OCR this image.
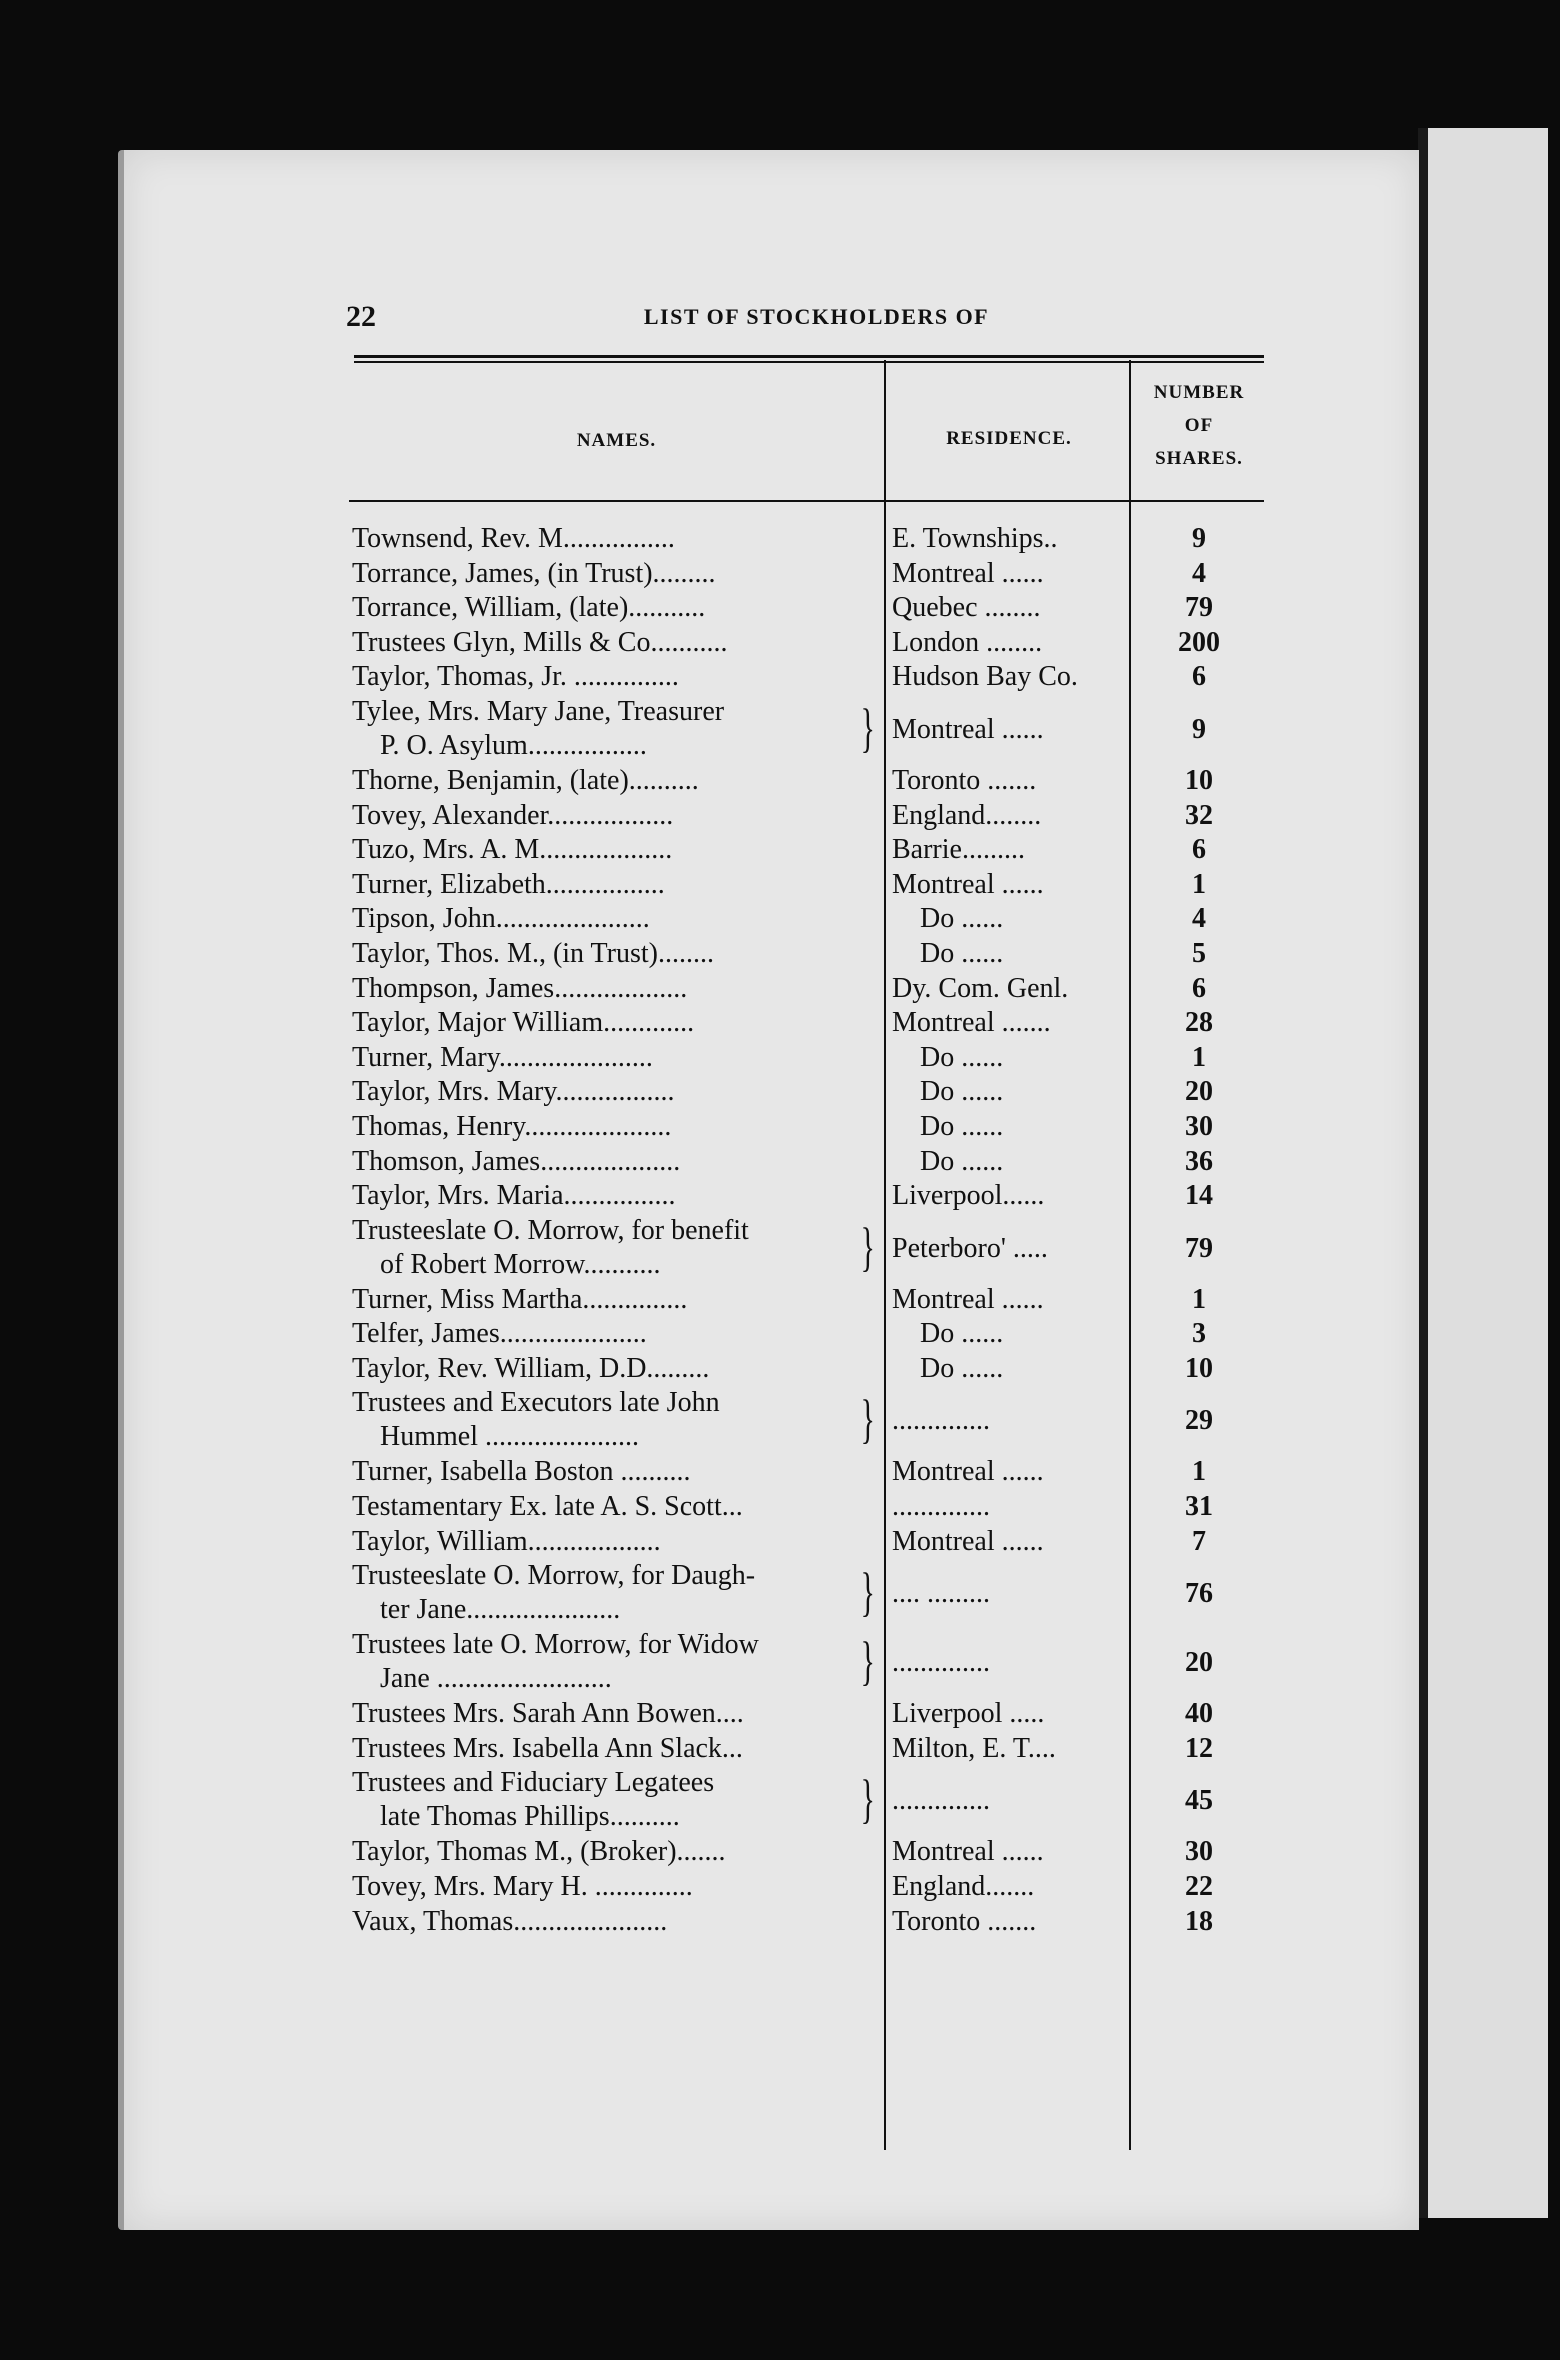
22	LIST OF STOCKHOLDERS OF
NAMES.	RESIDENCE.
NUMBER
OF
SHARES.
Townsend, Rev. M................	E. Townships..	9
Torrance, James, (in Trust).........	Montreal ......	4
Torrance, William, (late)...........	Quebec ........	79
Trustees Glyn, Mills & Co...........	London ........	200
Taylor, Thomas, Jr. ...............	Hudson Bay Co.	6
Tylee, Mrs. Mary Jane, Treasurer
P. O. Asylum.................	} Montreal ......	9
Thorne, Benjamin, (late)..........	Toronto .......	10
Tovey, Alexander..................	England........	32
Tuzo, Mrs. A. M...................	Barrie.........	6
Turner, Elizabeth.................	Montreal ......	1
Tipson, John......................	Do ......	4
Taylor, Thos. M., (in Trust)........	Do ......	5
Thompson, James...................	Dy. Com. Genl.	6
Taylor, Major William.............	Montreal .......	28
Turner, Mary......................	Do ......	1
Taylor, Mrs. Mary.................	Do ......	20
Thomas, Henry.....................	Do ......	30
Thomson, James....................	Do ......	36
Taylor, Mrs. Maria................	Liverpool......	14
Trusteeslate O. Morrow, for benefit
of Robert Morrow...........	} Peterboro' .....	79
Turner, Miss Martha...............	Montreal ......	1
Telfer, James.....................	Do ......	3
Taylor, Rev. William, D.D.........	Do ......	10
Trustees and Executors late John
Hummel ......................	} ..............	29
Turner, Isabella Boston ..........	Montreal ......	1
Testamentary Ex. late A. S. Scott...	..............	31
Taylor, William...................	Montreal ......	7
Trusteeslate O. Morrow, for Daugh-
ter Jane......................	} .... .........	76
Trustees late O. Morrow, for Widow
Jane .........................	} ..............	20
Trustees Mrs. Sarah Ann Bowen....	Liverpool .....	40
Trustees Mrs. Isabella Ann Slack...	Milton, E. T....	12
Trustees and Fiduciary Legatees
late Thomas Phillips..........	} ..............	45
Taylor, Thomas M., (Broker).......	Montreal ......	30
Tovey, Mrs. Mary H. ..............	England.......	22
Vaux, Thomas......................	Toronto .......	18
